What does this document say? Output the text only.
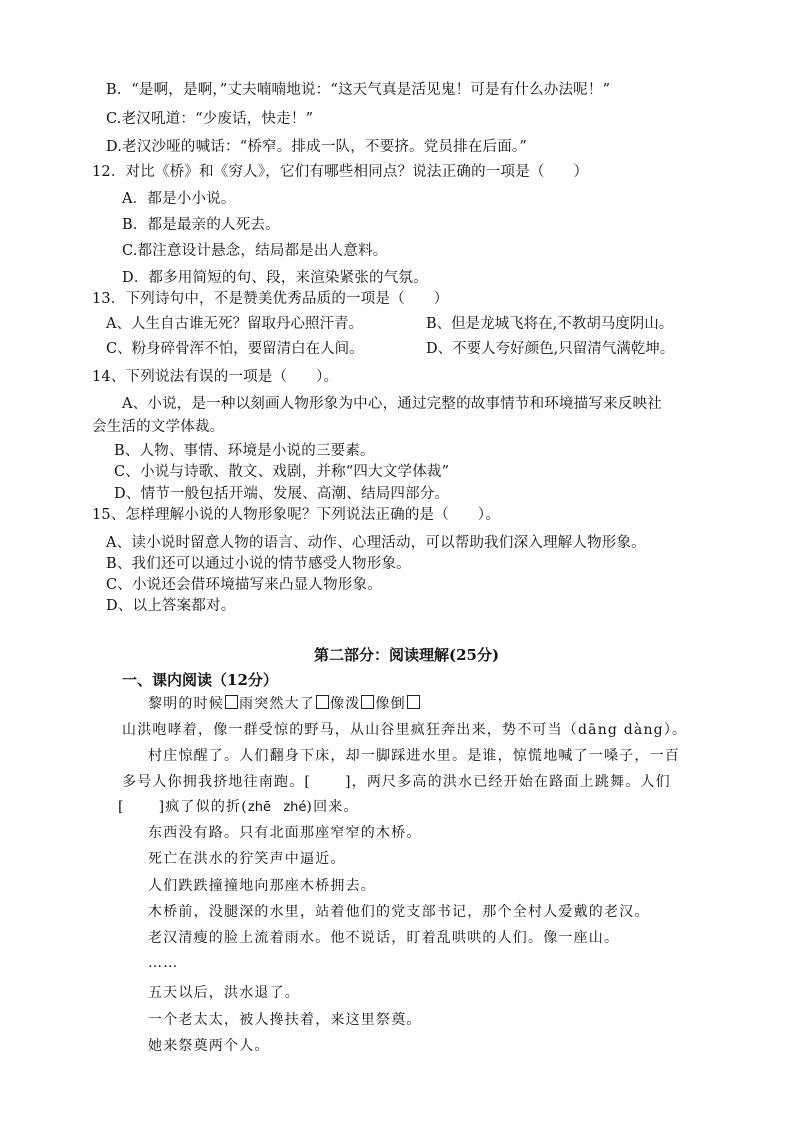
B.  “是啊，是啊，”丈夫喃喃地说：“这天气真是活见鬼！可是有什么办法呢！”
C.老汉吼道：“少废话，快走！”
D.老汉沙哑的喊话：“桥窄。排成一队，不要挤。党员排在后面。”
12．对比《桥》和《穷人》，它们有哪些相同点？说法正确的一项是（      ）
A．都是小小说。
B．都是最亲的人死去。
C.都注意设计悬念，结局都是出人意料。
D．都多用简短的句、段，来渲染紧张的气氛。
13．下列诗句中，不是赞美优秀品质的一项是（      ）
A、人生自古谁无死？留取丹心照汗青。	B、但是龙城飞将在,不教胡马度阴山。
C、粉身碎骨浑不怕，要留清白在人间。	D、不要人夸好颜色,只留清气满乾坤。
14、下列说法有误的一项是（      ）。
A、小说，是一种以刻画人物形象为中心，通过完整的故事情节和环境描写来反映社
会生活的文学体裁。
B、人物、事情、环境是小说的三要素。
C、小说与诗歌、散文、戏剧，并称“四大文学体裁”
D、情节一般包括开端、发展、高潮、结局四部分。
15、怎样理解小说的人物形象呢？下列说法正确的是（      ）。
A、读小说时留意人物的语言、动作、心理活动，可以帮助我们深入理解人物形象。
B、我们还可以通过小说的情节感受人物形象。
C、小说还会借环境描写来凸显人物形象。
D、以上答案都对。
第二部分：阅读理解(25分)
一、课内阅读（12分）
黎明的时候 雨突然大了 像泼 像倒
山洪咆哮着，像一群受惊的野马，从山谷里疯狂奔出来，势不可当（dāng dàng）。
村庄惊醒了。人们翻身下床，却一脚踩进水里。是谁，惊慌地喊了一嗓子，一百
多号人你拥我挤地往南跑。[      ]，两尺多高的洪水已经开始在路面上跳舞。人们
[      ]疯了似的折(zhē   zhé)回来。
东西没有路。只有北面那座窄窄的木桥。
死亡在洪水的狞笑声中逼近。
人们跌跌撞撞地向那座木桥拥去。
木桥前，没腿深的水里，站着他们的党支部书记，那个全村人爱戴的老汉。
老汉清瘦的脸上流着雨水。他不说话，盯着乱哄哄的人们。像一座山。
……
五天以后，洪水退了。
一个老太太，被人搀扶着，来这里祭奠。
她来祭奠两个人。
